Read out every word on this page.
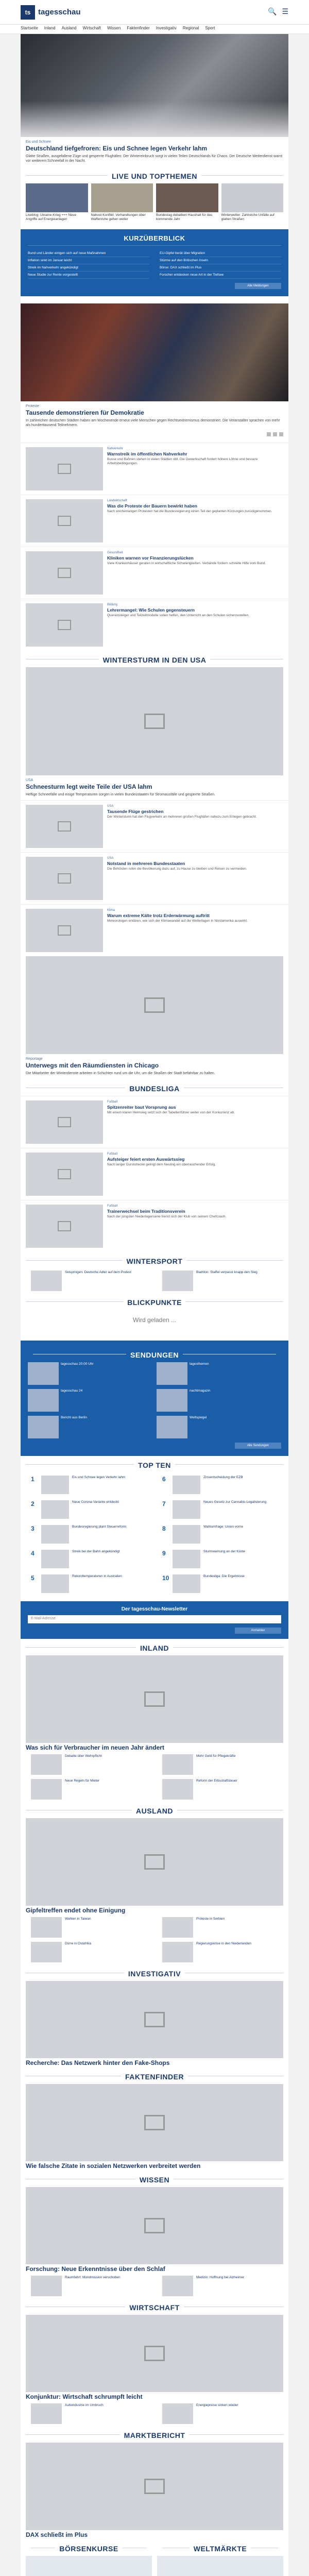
ts tagesschau	🔍 ☰
Startseite Inland Ausland Wirtschaft Wissen Faktenfinder Investigativ Regional Sport
Eis und Schnee
Deutschland tiefgefroren: Eis und Schnee legen Verkehr lahm
Glatte Straßen, ausgefallene Züge und gesperrte Flughäfen: Der Wintereinbruch sorgt in vielen Teilen Deutschlands für Chaos. Der Deutsche Wetterdienst warnt vor weiterem Schneefall in der Nacht.
LIVE UND TOPTHEMEN
Liveblog: Ukraine-Krieg +++ Neue Angriffe auf Energieanlagen
Nahost-Konflikt: Verhandlungen über Waffenruhe gehen weiter
Bundestag debattiert Haushalt für das kommende Jahr
Winterwetter: Zahlreiche Unfälle auf glatten Straßen
KURZÜBERBLICK
Bund und Länder einigen sich auf neue Maßnahmen
Inflation sinkt im Januar leicht
Streik im Nahverkehr angekündigt
Neue Studie zur Rente vorgestellt
EU-Gipfel berät über Migration
Stürme auf den Britischen Inseln
Börse: DAX schließt im Plus
Forscher entdecken neue Art in der Tiefsee
Alle Meldungen
Proteste
Tausende demonstrieren für Demokratie
In zahlreichen deutschen Städten haben am Wochenende erneut viele Menschen gegen Rechtsextremismus demonstriert. Die Veranstalter sprachen von mehr als hunderttausend Teilnehmern.
Nahverkehr
Warnstreik im öffentlichen Nahverkehr
Busse und Bahnen stehen in vielen Städten still. Die Gewerkschaft fordert höhere Löhne und bessere Arbeitsbedingungen.
Landwirtschaft
Was die Proteste der Bauern bewirkt haben
Nach wochenlangen Protesten hat die Bundesregierung einen Teil der geplanten Kürzungen zurückgenommen.
Gesundheit
Kliniken warnen vor Finanzierungslücken
Viele Krankenhäuser geraten in wirtschaftliche Schwierigkeiten. Verbände fordern schnelle Hilfe vom Bund.
Bildung
Lehrermangel: Wie Schulen gegensteuern
Quereinsteiger und Teilzeitmodelle sollen helfen, den Unterricht an den Schulen sicherzustellen.
WINTERSTURM IN DEN USA
USA
Schneesturm legt weite Teile der USA lahm
Heftige Schneefälle und eisige Temperaturen sorgen in vielen Bundesstaaten für Stromausfälle und gesperrte Straßen.
USA
Tausende Flüge gestrichen
Der Wintersturm hat den Flugverkehr an mehreren großen Flughäfen nahezu zum Erliegen gebracht.
USA
Notstand in mehreren Bundesstaaten
Die Behörden rufen die Bevölkerung dazu auf, zu Hause zu bleiben und Reisen zu vermeiden.
Klima
Warum extreme Kälte trotz Erderwärmung auftritt
Meteorologen erklären, wie sich der Klimawandel auf die Wetterlagen in Nordamerika auswirkt.
Reportage
Unterwegs mit den Räumdiensten in Chicago
Die Mitarbeiter der Winterdienste arbeiten in Schichten rund um die Uhr, um die Straßen der Stadt befahrbar zu halten.
BUNDESLIGA
Fußball
Spitzenreiter baut Vorsprung aus
Mit einem klaren Heimsieg setzt sich der Tabellenführer weiter von der Konkurrenz ab.
Fußball
Aufsteiger feiert ersten Auswärtssieg
Nach langer Durststrecke gelingt dem Neuling ein überraschender Erfolg.
Fußball
Trainerwechsel beim Traditionsverein
Nach der jüngsten Niederlagenserie trennt sich der Klub von seinem Chefcoach.
WINTERSPORT
Skispringen: Deutsche Adler auf dem Podest	Biathlon: Staffel verpasst knapp den Sieg
BLICKPUNKTE
Wird geladen ...
SENDUNGEN
tagesschau 20:00 Uhr	tagesthemen
tagesschau 24	nachtmagazin
Bericht aus Berlin	Weltspiegel
Alle Sendungen
TOP TEN
1	Eis und Schnee legen Verkehr lahm
2	Neue Corona-Variante entdeckt
3	Bundesregierung plant Steuerreform
4	Streik bei der Bahn angekündigt
5	Rekordtemperaturen in Australien
6	Zinsentscheidung der EZB
7	Neues Gesetz zur Cannabis-Legalisierung
8	Wahlumfrage: Union vorne
9	Sturmwarnung an der Küste
10	Bundesliga: Die Ergebnisse
Der tagesschau-Newsletter
E-Mail-Adresse
Anmelden
INLAND
Was sich für Verbraucher im neuen Jahr ändert
Debatte über Wehrpflicht	Mehr Geld für Pflegekräfte
Neue Regeln für Mieter	Reform der Erbschaftsteuer
AUSLAND
Gipfeltreffen endet ohne Einigung
Wahlen in Taiwan	Proteste in Serbien
Dürre in Ostafrika	Regierungskrise in den Niederlanden
INVESTIGATIV
Recherche: Das Netzwerk hinter den Fake-Shops
FAKTENFINDER
Wie falsche Zitate in sozialen Netzwerken verbreitet werden
WISSEN
Forschung: Neue Erkenntnisse über den Schlaf
Raumfahrt: Mondmission verschoben	Medizin: Hoffnung bei Alzheimer
WIRTSCHAFT
Konjunktur: Wirtschaft schrumpft leicht
Autoindustrie im Umbruch	Energiepreise sinken wieder
MARKTBERICHT
DAX schließt im Plus
BÖRSENKURSE	WELTMÄRKTE
